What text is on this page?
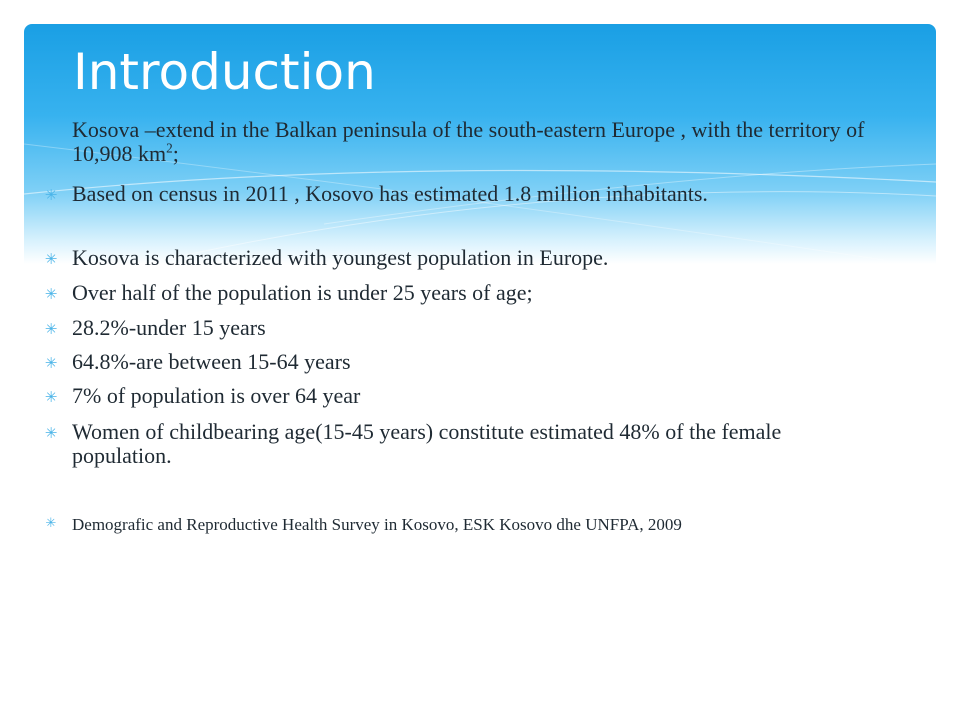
Introduction
Kosova –extend in the Balkan peninsula of the south-eastern Europe , with the territory of 10,908 $km^2$;
✳ Based on census in 2011 , Kosovo has estimated 1.8 million inhabitants.
✳ Kosova is characterized with youngest population in Europe.
✳ Over half of the population is under 25 years of age;
✳ 28.2%-under 15 years
✳ 64.8%-are between 15-64 years
✳ 7% of population is over 64 year
✳ Women of childbearing age(15-45 years) constitute estimated 48% of the female population.
✳ Demografic and Reproductive Health Survey in Kosovo, ESK Kosovo dhe UNFPA, 2009
